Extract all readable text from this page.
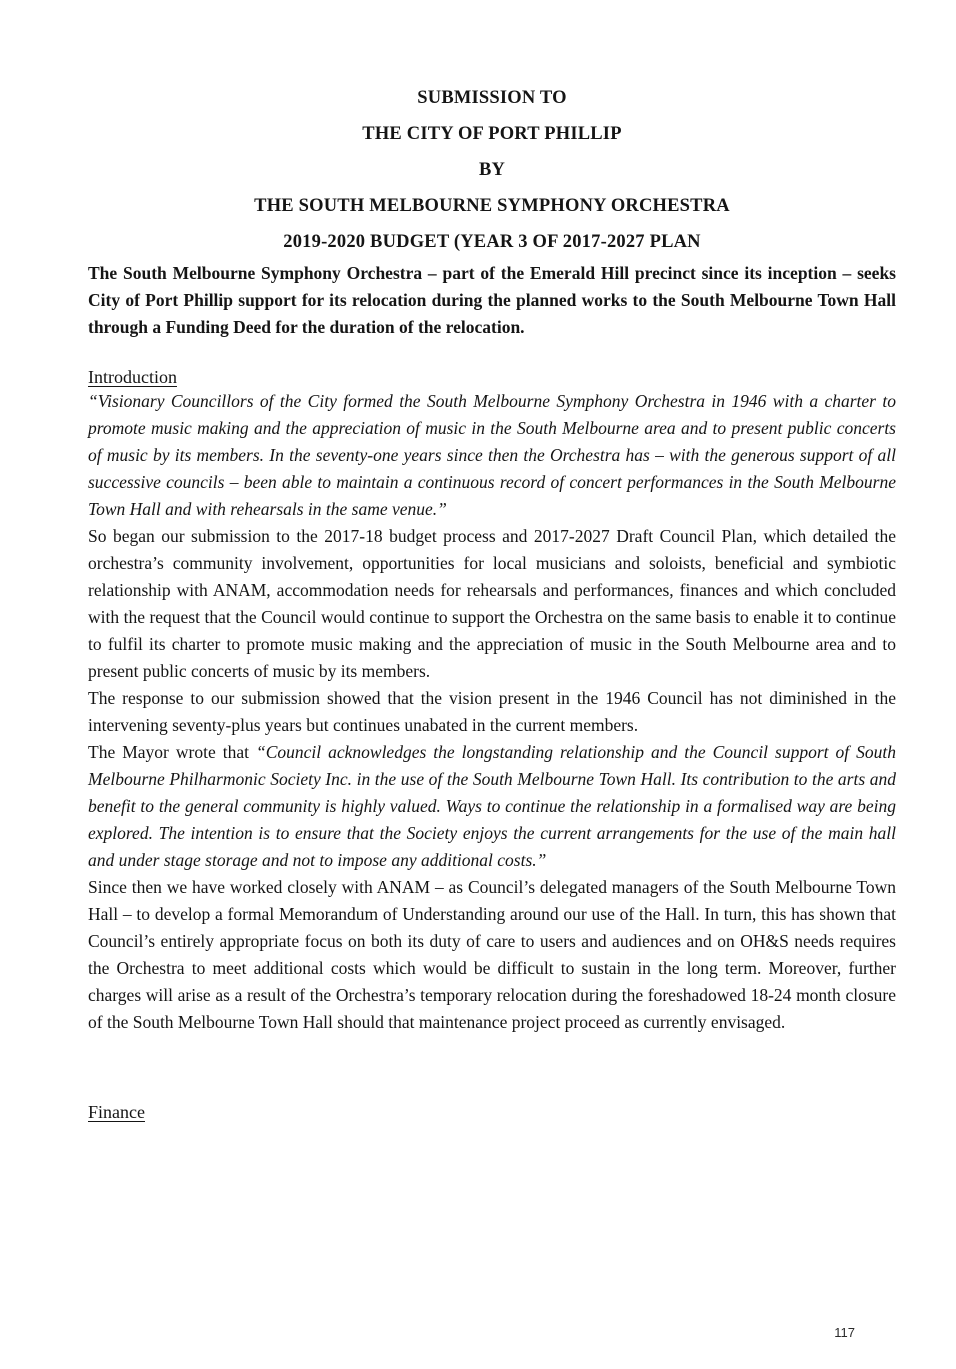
SUBMISSION TO
THE CITY OF PORT PHILLIP
BY
THE SOUTH MELBOURNE SYMPHONY ORCHESTRA
2019-2020 BUDGET (YEAR 3 OF 2017-2027 PLAN

The South Melbourne Symphony Orchestra – part of the Emerald Hill precinct since its inception – seeks City of Port Phillip support for its relocation during the planned works to the South Melbourne Town Hall through a Funding Deed for the duration of the relocation.

Introduction

“Visionary Councillors of the City formed the South Melbourne Symphony Orchestra in 1946 with a charter to promote music making and the appreciation of music in the South Melbourne area and to present public concerts of music by its members. In the seventy-one years since then the Orchestra has – with the generous support of all successive councils – been able to maintain a continuous record of concert performances in the South Melbourne Town Hall and with rehearsals in the same venue.”

So began our submission to the 2017-18 budget process and 2017-2027 Draft Council Plan, which detailed the orchestra’s community involvement, opportunities for local musicians and soloists, beneficial and symbiotic relationship with ANAM, accommodation needs for rehearsals and performances, finances and which concluded with the request that the Council would continue to support the Orchestra on the same basis to enable it to continue to fulfil its charter to promote music making and the appreciation of music in the South Melbourne area and to present public concerts of music by its members.

The response to our submission showed that the vision present in the 1946 Council has not diminished in the intervening seventy-plus years but continues unabated in the current members.

The Mayor wrote that “Council acknowledges the longstanding relationship and the Council support of South Melbourne Philharmonic Society Inc. in the use of the South Melbourne Town Hall. Its contribution to the arts and benefit to the general community is highly valued. Ways to continue the relationship in a formalised way are being explored. The intention is to ensure that the Society enjoys the current arrangements for the use of the main hall and under stage storage and not to impose any additional costs.”

Since then we have worked closely with ANAM – as Council’s delegated managers of the South Melbourne Town Hall – to develop a formal Memorandum of Understanding around our use of the Hall. In turn, this has shown that Council’s entirely appropriate focus on both its duty of care to users and audiences and on OH&S needs requires the Orchestra to meet additional costs which would be difficult to sustain in the long term. Moreover, further charges will arise as a result of the Orchestra’s temporary relocation during the foreshadowed 18-24 month closure of the South Melbourne Town Hall should that maintenance project proceed as currently envisaged.

Finance
117
